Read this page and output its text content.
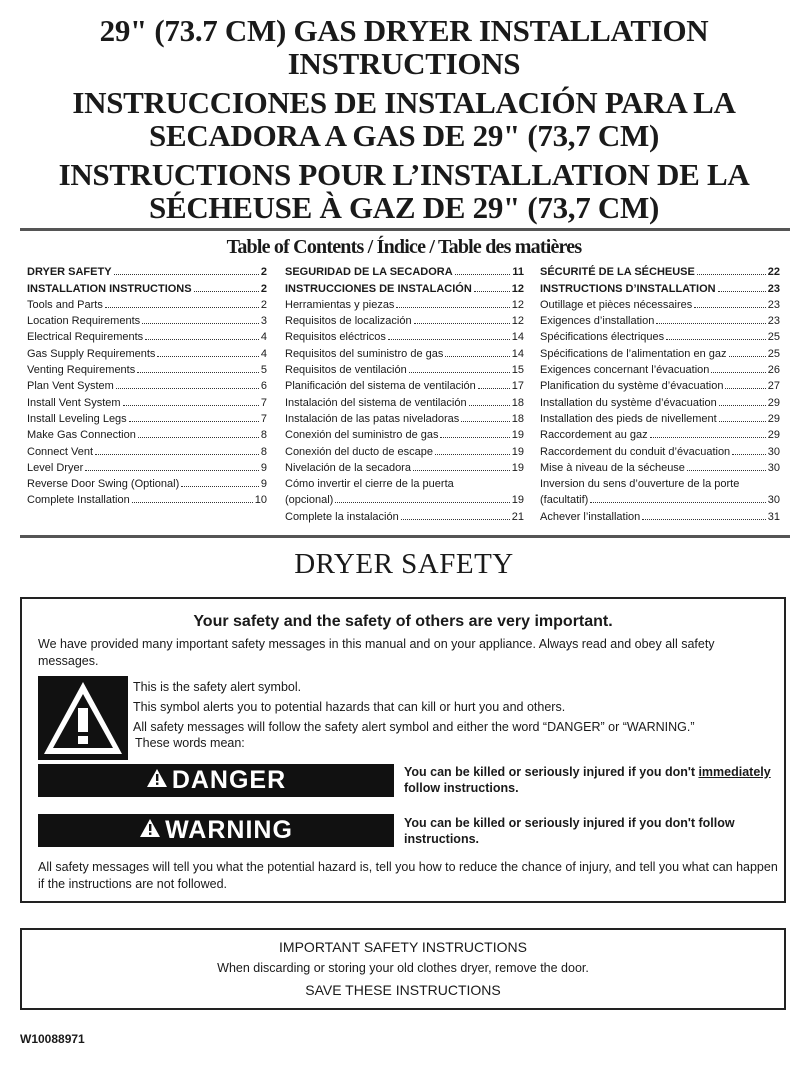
29" (73.7 CM) GAS DRYER INSTALLATION
INSTRUCTIONS
INSTRUCCIONES DE INSTALACIÓN PARA LA
SECADORA A GAS DE 29" (73,7 CM)
INSTRUCTIONS POUR L’INSTALLATION DE LA
SÉCHEUSE À GAZ DE 29" (73,7 CM)
Table of Contents / Índice / Table des matières
DRYER SAFETY	2
INSTALLATION INSTRUCTIONS	2
Tools and Parts	2
Location Requirements	3
Electrical Requirements	4
Gas Supply Requirements	4
Venting Requirements	5
Plan Vent System	6
Install Vent System	7
Install Leveling Legs	7
Make Gas Connection	8
Connect Vent	8
Level Dryer	9
Reverse Door Swing (Optional)	9
Complete Installation	10
SEGURIDAD DE LA SECADORA	11
INSTRUCCIONES DE INSTALACIÓN	12
Herramientas y piezas	12
Requisitos de localización	12
Requisitos eléctricos	14
Requisitos del suministro de gas	14
Requisitos de ventilación	15
Planificación del sistema de ventilación	17
Instalación del sistema de ventilación	18
Instalación de las patas niveladoras	18
Conexión del suministro de gas	19
Conexión del ducto de escape	19
Nivelación de la secadora	19
Cómo invertir el cierre de la puerta
(opcional)	19
Complete la instalación	21
SÉCURITÉ DE LA SÉCHEUSE	22
INSTRUCTIONS D’INSTALLATION	23
Outillage et pièces nécessaires	23
Exigences d’installation	23
Spécifications électriques	25
Spécifications de l’alimentation en gaz	25
Exigences concernant l’évacuation	26
Planification du système d’évacuation	27
Installation du système d’évacuation	29
Installation des pieds de nivellement	29
Raccordement au gaz	29
Raccordement du conduit d’évacuation	30
Mise à niveau de la sécheuse	30
Inversion du sens d’ouverture de la porte
(facultatif)	30
Achever l’installation	31
DRYER SAFETY
Your safety and the safety of others are very important.
We have provided many important safety messages in this manual and on your appliance. Always read and obey all safety messages.
This is the safety alert symbol.
This symbol alerts you to potential hazards that can kill or hurt you and others.
All safety messages will follow the safety alert symbol and either the word “DANGER” or “WARNING.”
These words mean:
DANGER	You can be killed or seriously injured if you don't immediately
follow instructions.
WARNING	You can be killed or seriously injured if you don't follow
instructions.
All safety messages will tell you what the potential hazard is, tell you how to reduce the chance of injury, and tell you what can happen if the instructions are not followed.
IMPORTANT SAFETY INSTRUCTIONS
When discarding or storing your old clothes dryer, remove the door.
SAVE THESE INSTRUCTIONS
W10088971
